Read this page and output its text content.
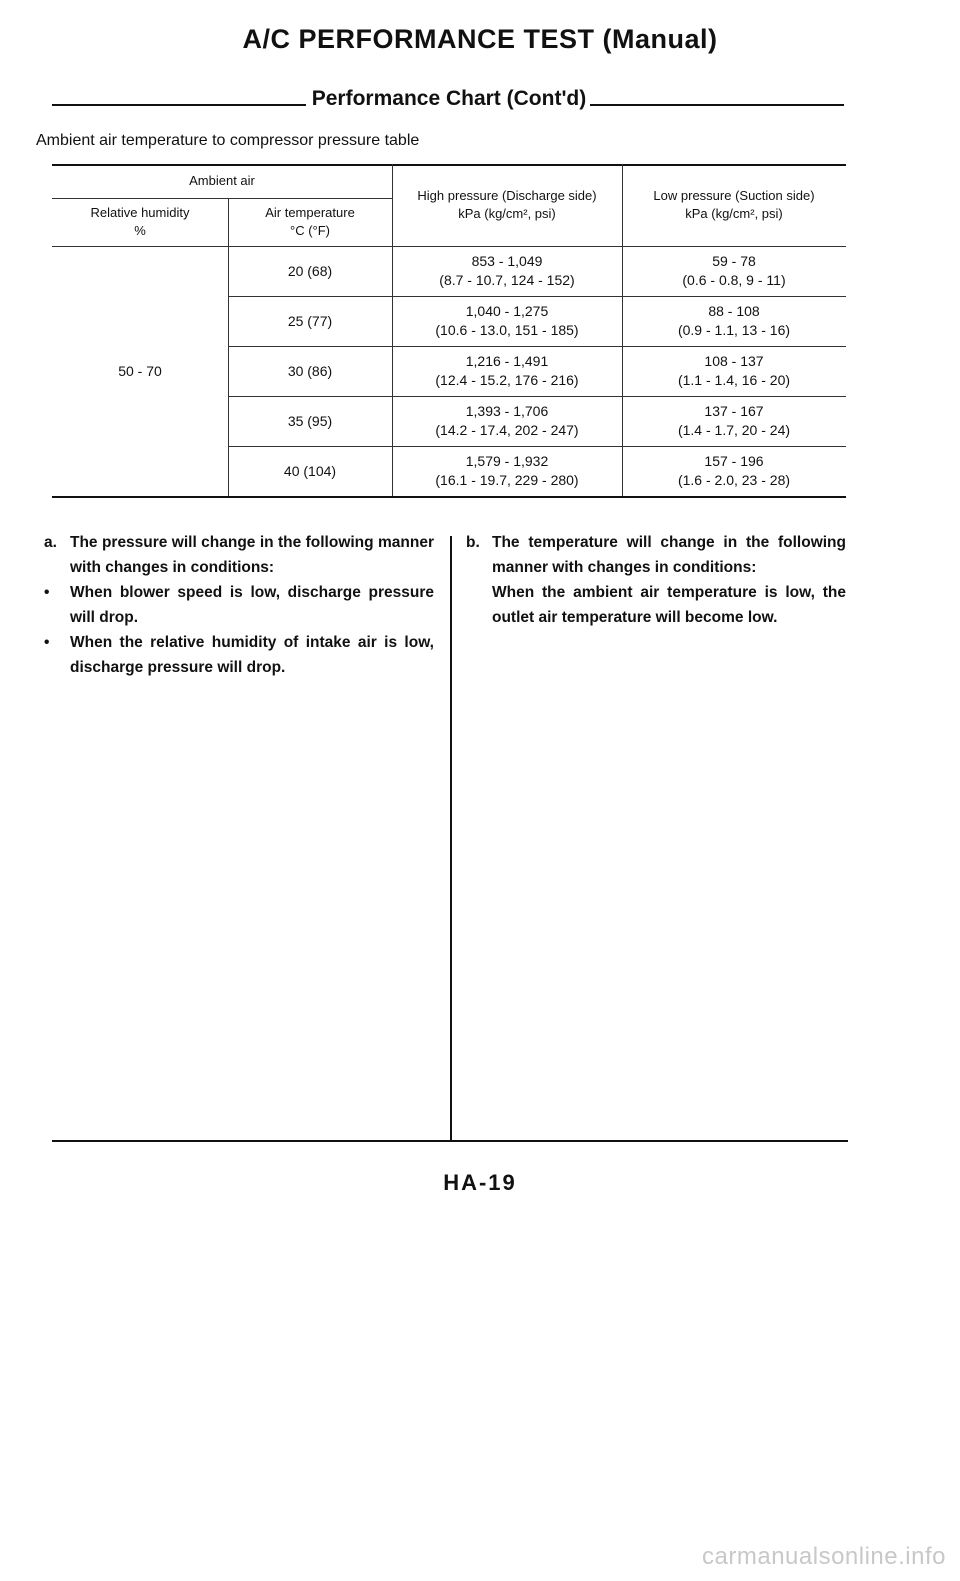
A/C PERFORMANCE TEST (Manual)
Performance Chart (Cont'd)
Ambient air temperature to compressor pressure table
Ambient air
Relative humidity
%
Air temperature
°C (°F)
High pressure (Discharge side)
kPa (kg/cm², psi)
Low pressure (Suction side)
kPa (kg/cm², psi)
50 - 70
20 (68)
853 - 1,049
(8.7 - 10.7, 124 - 152)
59 - 78
(0.6 - 0.8, 9 - 11)
25 (77)
1,040 - 1,275
(10.6 - 13.0, 151 - 185)
88 - 108
(0.9 - 1.1, 13 - 16)
30 (86)
1,216 - 1,491
(12.4 - 15.2, 176 - 216)
108 - 137
(1.1 - 1.4, 16 - 20)
35 (95)
1,393 - 1,706
(14.2 - 17.4, 202 - 247)
137 - 167
(1.4 - 1.7, 20 - 24)
40 (104)
1,579 - 1,932
(16.1 - 19.7, 229 - 280)
157 - 196
(1.6 - 2.0, 23 - 28)
a. The pressure will change in the following manner with changes in conditions:
•	When blower speed is low, discharge pressure will drop.
•	When the relative humidity of intake air is low, discharge pressure will drop.
b. The temperature will change in the following manner with changes in conditions:
When the ambient air temperature is low, the outlet air temperature will become low.
HA-19
carmanualsonline.info
